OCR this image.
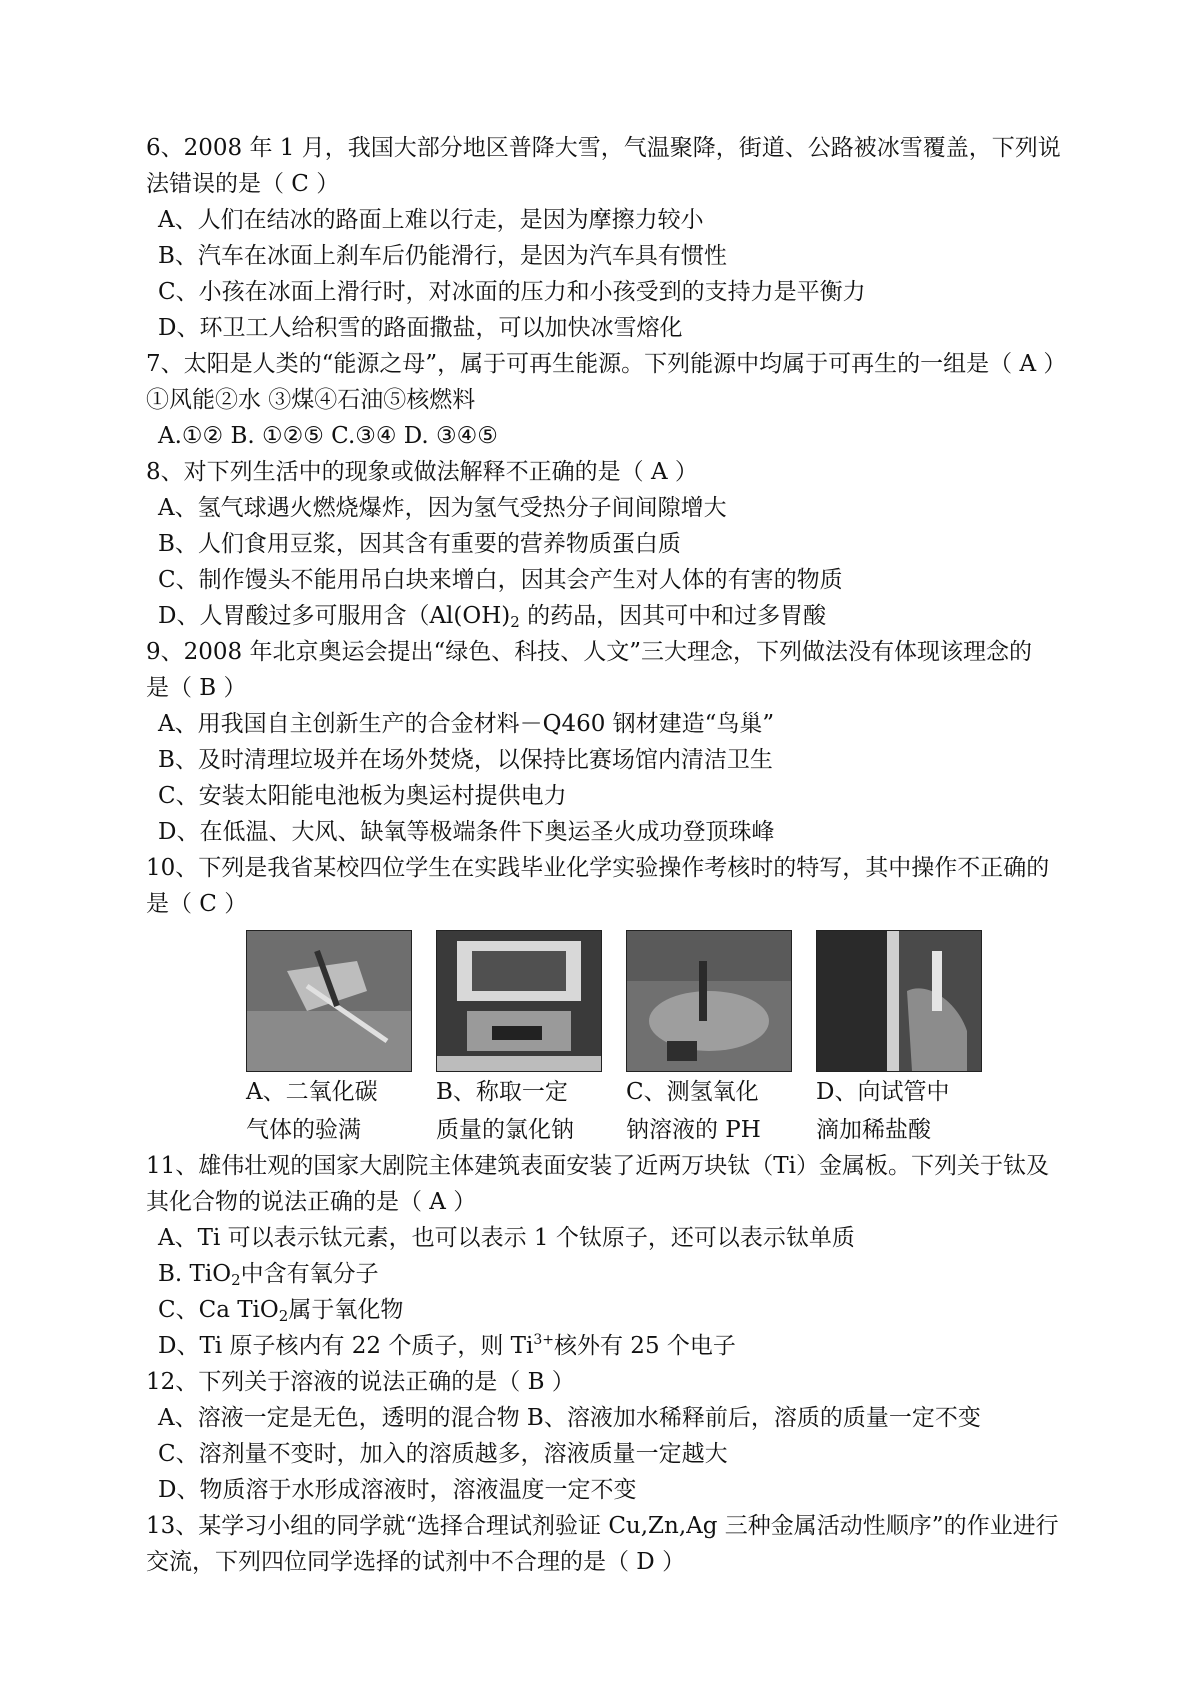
6、2008 年 1 月，我国大部分地区普降大雪，气温聚降，街道、公路被冰雪覆盖，下列说
法错误的是（ C ）
A、人们在结冰的路面上难以行走，是因为摩擦力较小
B、汽车在冰面上刹车后仍能滑行，是因为汽车具有惯性
C、小孩在冰面上滑行时，对冰面的压力和小孩受到的支持力是平衡力
D、环卫工人给积雪的路面撒盐，可以加快冰雪熔化
7、太阳是人类的“能源之母”，属于可再生能源。下列能源中均属于可再生的一组是（ A ）
①风能②水 ③煤④石油⑤核燃料
A.①② B. ①②⑤ C.③④ D. ③④⑤
8、对下列生活中的现象或做法解释不正确的是（ A ）
A、氢气球遇火燃烧爆炸，因为氢气受热分子间间隙增大
B、人们食用豆浆，因其含有重要的营养物质蛋白质
C、制作馒头不能用吊白块来增白，因其会产生对人体的有害的物质
D、人胃酸过多可服用含（$Al(OH)_2$ 的药品，因其可中和过多胃酸
9、2008 年北京奥运会提出“绿色、科技、人文”三大理念，下列做法没有体现该理念的
是（ B ）
A、用我国自主创新生产的合金材料－Q460 钢材建造“鸟巢”
B、及时清理垃圾并在场外焚烧，以保持比赛场馆内清洁卫生
C、安装太阳能电池板为奥运村提供电力
D、在低温、大风、缺氧等极端条件下奥运圣火成功登顶珠峰
10、下列是我省某校四位学生在实践毕业化学实验操作考核时的特写，其中操作不正确的
是（ C ）
A、二氧化碳
气体的验满
B、称取一定
质量的氯化钠
C、测氢氧化
钠溶液的 PH
D、向试管中
滴加稀盐酸
11、雄伟壮观的国家大剧院主体建筑表面安装了近两万块钛（Ti）金属板。下列关于钛及
其化合物的说法正确的是（ A ）
A、Ti 可以表示钛元素，也可以表示 1 个钛原子，还可以表示钛单质
B. TiO$_2$中含有氧分子
C、Ca TiO$_2$属于氧化物
D、Ti 原子核内有 22 个质子，则 $Ti^{3+}$核外有 25 个电子
12、下列关于溶液的说法正确的是（ B ）
A、溶液一定是无色，透明的混合物 B、溶液加水稀释前后，溶质的质量一定不变
C、溶剂量不变时，加入的溶质越多，溶液质量一定越大
D、物质溶于水形成溶液时，溶液温度一定不变
13、某学习小组的同学就“选择合理试剂验证 Cu,Zn,Ag 三种金属活动性顺序”的作业进行
交流，下列四位同学选择的试剂中不合理的是（ D ）
